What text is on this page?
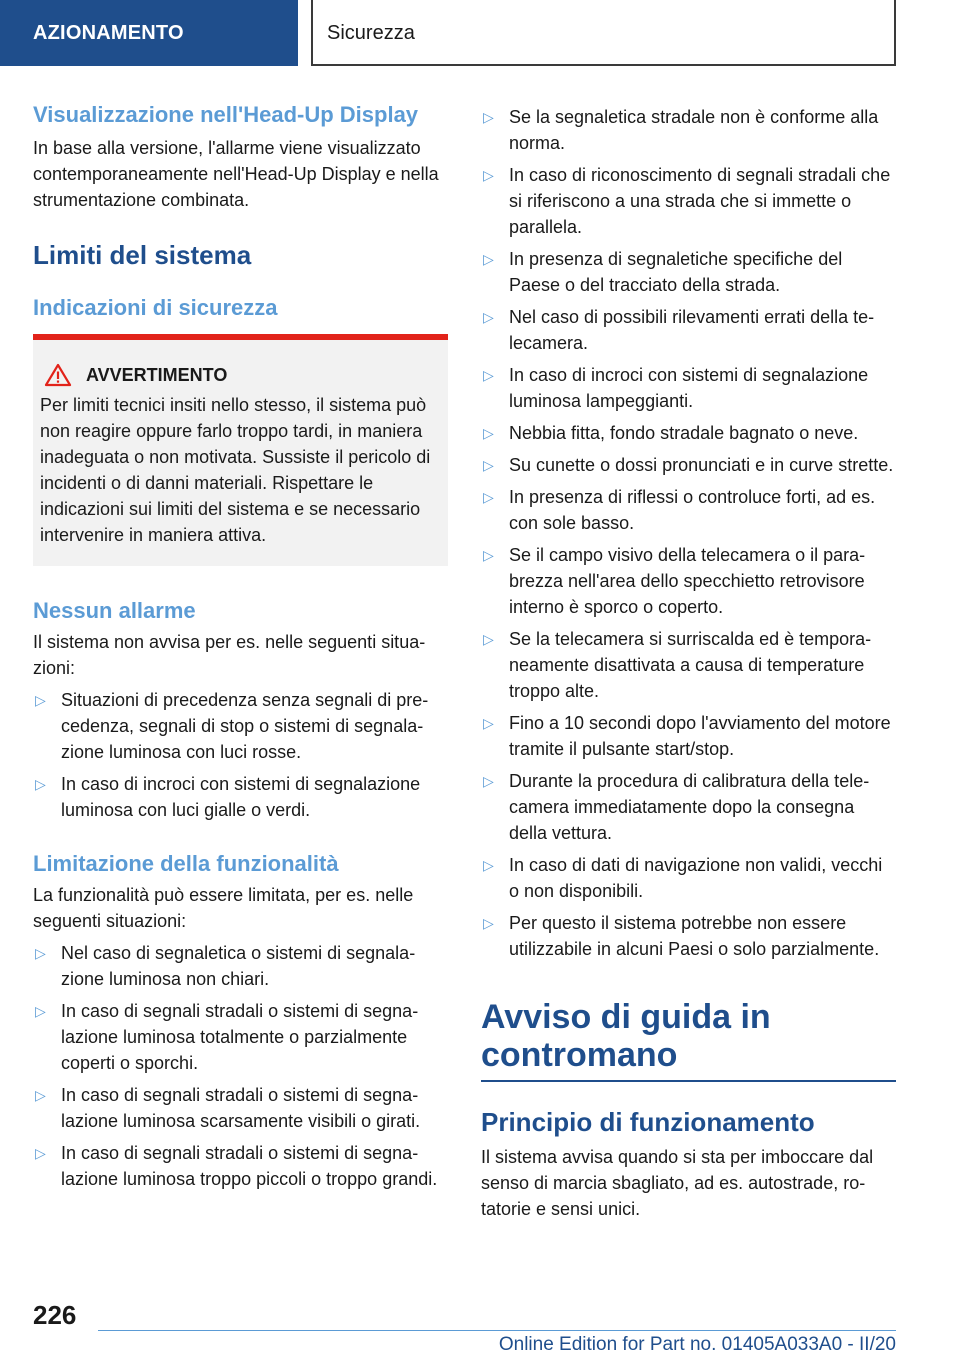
AZIONAMENTO	Sicurezza
Visualizzazione nell'Head-Up Display
In base alla versione, l'allarme viene visualizzato contemporaneamente nell'Head-Up Display e nella strumentazione combinata.
Limiti del sistema
Indicazioni di sicurezza
AVVERTIMENTO
Per limiti tecnici insiti nello stesso, il sistema può non reagire oppure farlo troppo tardi, in maniera inadeguata o non motivata. Sussiste il pericolo di incidenti o di danni materiali. Rispettare le indicazioni sui limiti del sistema e se necessario intervenire in maniera attiva.
Nessun allarme
Il sistema non avvisa per es. nelle seguenti situazioni:
▷ Situazioni di precedenza senza segnali di precedenza, segnali di stop o sistemi di segnalazione luminosa con luci rosse.
▷ In caso di incroci con sistemi di segnalazione luminosa con luci gialle o verdi.
Limitazione della funzionalità
La funzionalità può essere limitata, per es. nelle seguenti situazioni:
▷ Nel caso di segnaletica o sistemi di segnalazione luminosa non chiari.
▷ In caso di segnali stradali o sistemi di segnalazione luminosa totalmente o parzialmente coperti o sporchi.
▷ In caso di segnali stradali o sistemi di segnalazione luminosa scarsamente visibili o girati.
▷ In caso di segnali stradali o sistemi di segnalazione luminosa troppo piccoli o troppo grandi.
▷ Se la segnaletica stradale non è conforme alla norma.
▷ In caso di riconoscimento di segnali stradali che si riferiscono a una strada che si immette o parallela.
▷ In presenza di segnaletiche specifiche del Paese o del tracciato della strada.
▷ Nel caso di possibili rilevamenti errati della telecamera.
▷ In caso di incroci con sistemi di segnalazione luminosa lampeggianti.
▷ Nebbia fitta, fondo stradale bagnato o neve.
▷ Su cunette o dossi pronunciati e in curve strette.
▷ In presenza di riflessi o controluce forti, ad es. con sole basso.
▷ Se il campo visivo della telecamera o il parabrezza nell'area dello specchietto retrovisore interno è sporco o coperto.
▷ Se la telecamera si surriscalda ed è temporaneamente disattivata a causa di temperature troppo alte.
▷ Fino a 10 secondi dopo l'avviamento del motore tramite il pulsante start/stop.
▷ Durante la procedura di calibratura della telecamera immediatamente dopo la consegna della vettura.
▷ In caso di dati di navigazione non validi, vecchi o non disponibili.
▷ Per questo il sistema potrebbe non essere utilizzabile in alcuni Paesi o solo parzialmente.
Avviso di guida in contromano
Principio di funzionamento
Il sistema avvisa quando si sta per imboccare dal senso di marcia sbagliato, ad es. autostrade, rotatorie e sensi unici.
226
Online Edition for Part no. 01405A033A0 - II/20
